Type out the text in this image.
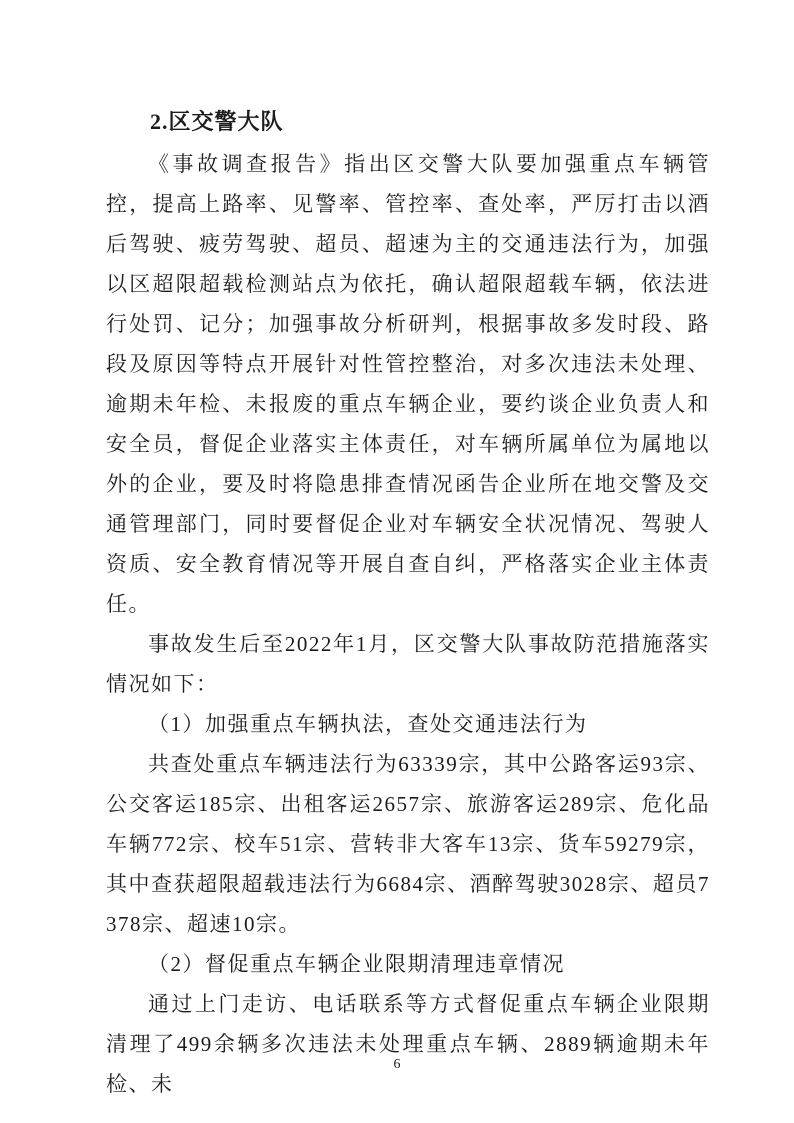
2.区交警大队

《事故调查报告》指出区交警大队要加强重点车辆管控，提高上路率、见警率、管控率、查处率，严厉打击以酒后驾驶、疲劳驾驶、超员、超速为主的交通违法行为，加强以区超限超载检测站点为依托，确认超限超载车辆，依法进行处罚、记分；加强事故分析研判，根据事故多发时段、路段及原因等特点开展针对性管控整治，对多次违法未处理、逾期未年检、未报废的重点车辆企业，要约谈企业负责人和安全员，督促企业落实主体责任，对车辆所属单位为属地以外的企业，要及时将隐患排查情况函告企业所在地交警及交通管理部门，同时要督促企业对车辆安全状况情况、驾驶人资质、安全教育情况等开展自查自纠，严格落实企业主体责任。

事故发生后至2022年1月，区交警大队事故防范措施落实情况如下：

（1）加强重点车辆执法，查处交通违法行为

共查处重点车辆违法行为63339宗，其中公路客运93宗、公交客运185宗、出租客运2657宗、旅游客运289宗、危化品车辆772宗、校车51宗、营转非大客车13宗、货车59279宗，其中查获超限超载违法行为6684宗、酒醉驾驶3028宗、超员7378宗、超速10宗。

（2）督促重点车辆企业限期清理违章情况

通过上门走访、电话联系等方式督促重点车辆企业限期清理了499余辆多次违法未处理重点车辆、2889辆逾期未年检、未

6
